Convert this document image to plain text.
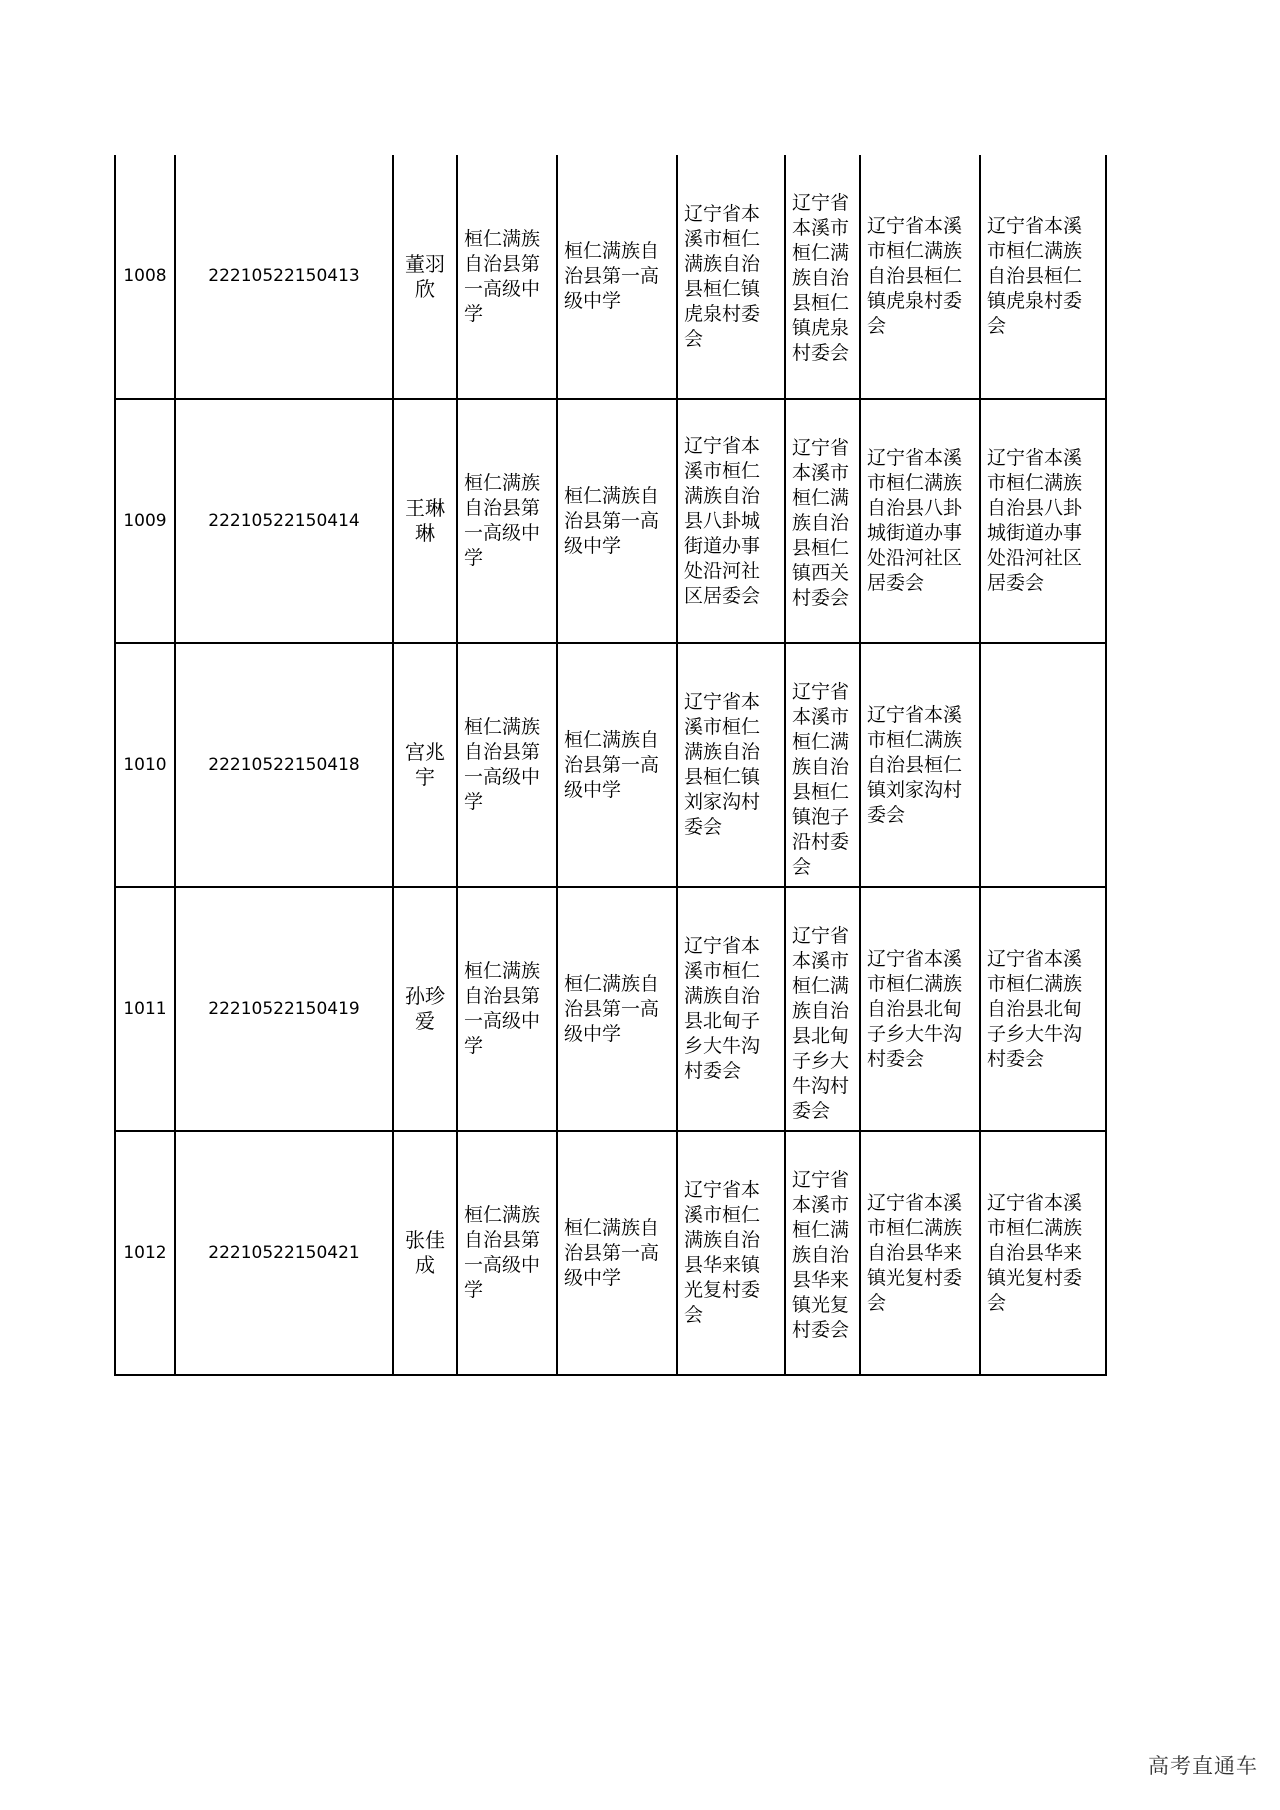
1008	22210522150413	董羽欣	桓仁满族自治县第一高级中学	桓仁满族自治县第一高级中学	辽宁省本溪市桓仁满族自治县桓仁镇虎泉村委会	辽宁省本溪市桓仁满族自治县桓仁镇虎泉村委会	辽宁省本溪市桓仁满族自治县桓仁镇虎泉村委会	辽宁省本溪市桓仁满族自治县桓仁镇虎泉村委会
1009	22210522150414	王琳琳	桓仁满族自治县第一高级中学	桓仁满族自治县第一高级中学	辽宁省本溪市桓仁满族自治县八卦城街道办事处沿河社区居委会	辽宁省本溪市桓仁满族自治县桓仁镇西关村委会	辽宁省本溪市桓仁满族自治县八卦城街道办事处沿河社区居委会	辽宁省本溪市桓仁满族自治县八卦城街道办事处沿河社区居委会
1010	22210522150418	宫兆宇	桓仁满族自治县第一高级中学	桓仁满族自治县第一高级中学	辽宁省本溪市桓仁满族自治县桓仁镇刘家沟村委会	辽宁省本溪市桓仁满族自治县桓仁镇泡子沿村委会	辽宁省本溪市桓仁满族自治县桓仁镇刘家沟村委会	
1011	22210522150419	孙珍爱	桓仁满族自治县第一高级中学	桓仁满族自治县第一高级中学	辽宁省本溪市桓仁满族自治县北甸子乡大牛沟村委会	辽宁省本溪市桓仁满族自治县北甸子乡大牛沟村委会	辽宁省本溪市桓仁满族自治县北甸子乡大牛沟村委会	辽宁省本溪市桓仁满族自治县北甸子乡大牛沟村委会
1012	22210522150421	张佳成	桓仁满族自治县第一高级中学	桓仁满族自治县第一高级中学	辽宁省本溪市桓仁满族自治县华来镇光复村委会	辽宁省本溪市桓仁满族自治县华来镇光复村委会	辽宁省本溪市桓仁满族自治县华来镇光复村委会	辽宁省本溪市桓仁满族自治县华来镇光复村委会
高考直通车
